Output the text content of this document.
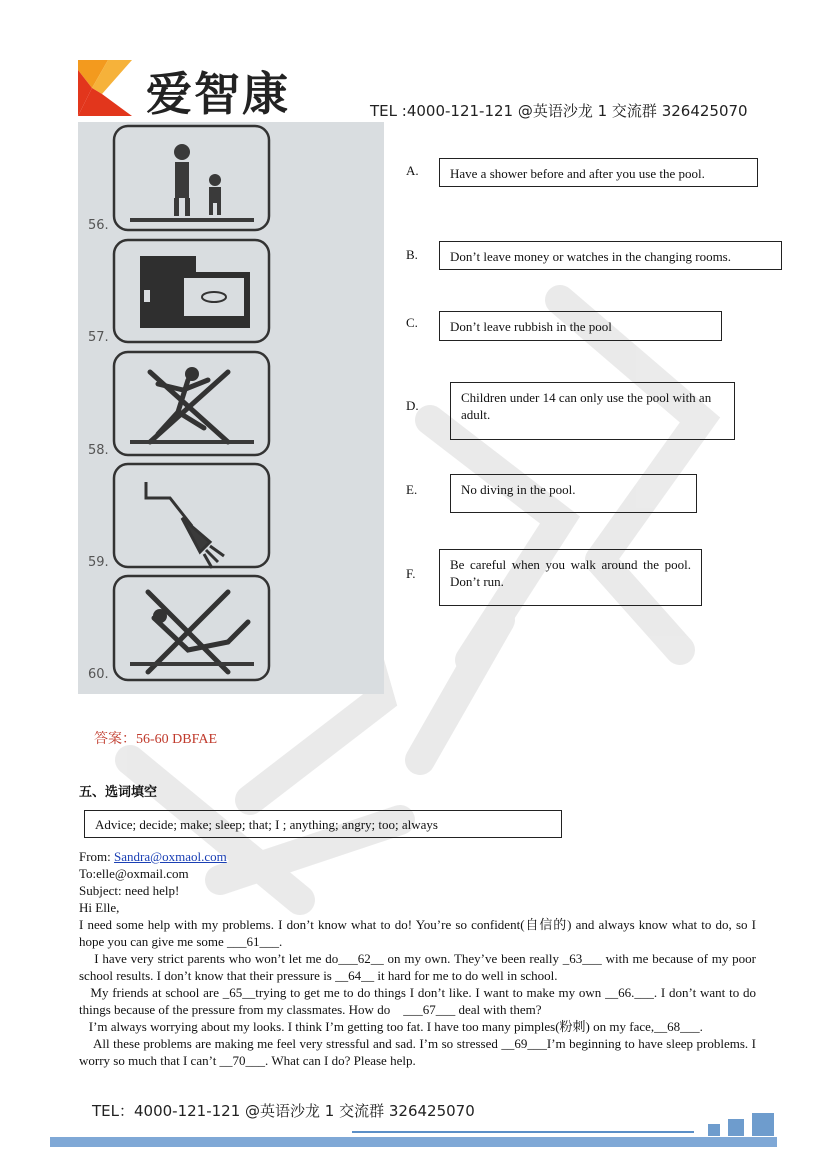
爱智康	TEL :4000-121-121 @英语沙龙 1 交流群 326425070
56.
57.
58.
59.
60.
A.	Have a shower before and after you use the pool.
B.	Don’t leave money or watches in the changing rooms.
C.	Don’t leave rubbish in the pool
D.
Children under 14 can only use the pool with an adult.
E.	No diving in the pool.
F.
Be careful when you walk around the pool. Don’t run.
答案：56-60 DBFAE
五、选词填空
Advice; decide; make; sleep; that; I ; anything; angry; too; always

From: Sandra@oxmaol.com

To:elle@oxmail.com

Subject: need help!

Hi Elle,

I need some help with my problems. I don’t know what to do! You’re so confident(自信的) and always know what to do, so I hope you can give me some ___61___.

I have very strict parents who won’t let me do___62__ on my own. They’ve been really _63___ with me because of my poor school results. I don’t know that their pressure is __64__ it hard for me to do well in school.

My friends at school are _65__trying to get me to do things I don’t like. I want to make my own __66.___. I don’t want to do things because of the pressure from my classmates. How do    ___67___ deal with them?

I’m always worrying about my looks. I think I’m getting too fat. I have too many pimples(粉刺) on my face,__68___.

All these problems are making me feel very stressful and sad. I’m so stressed __69___I’m beginning to have sleep problems. I worry so much that I can’t __70___. What can I do? Please help.

TEL：4000-121-121 @英语沙龙 1 交流群 326425070
